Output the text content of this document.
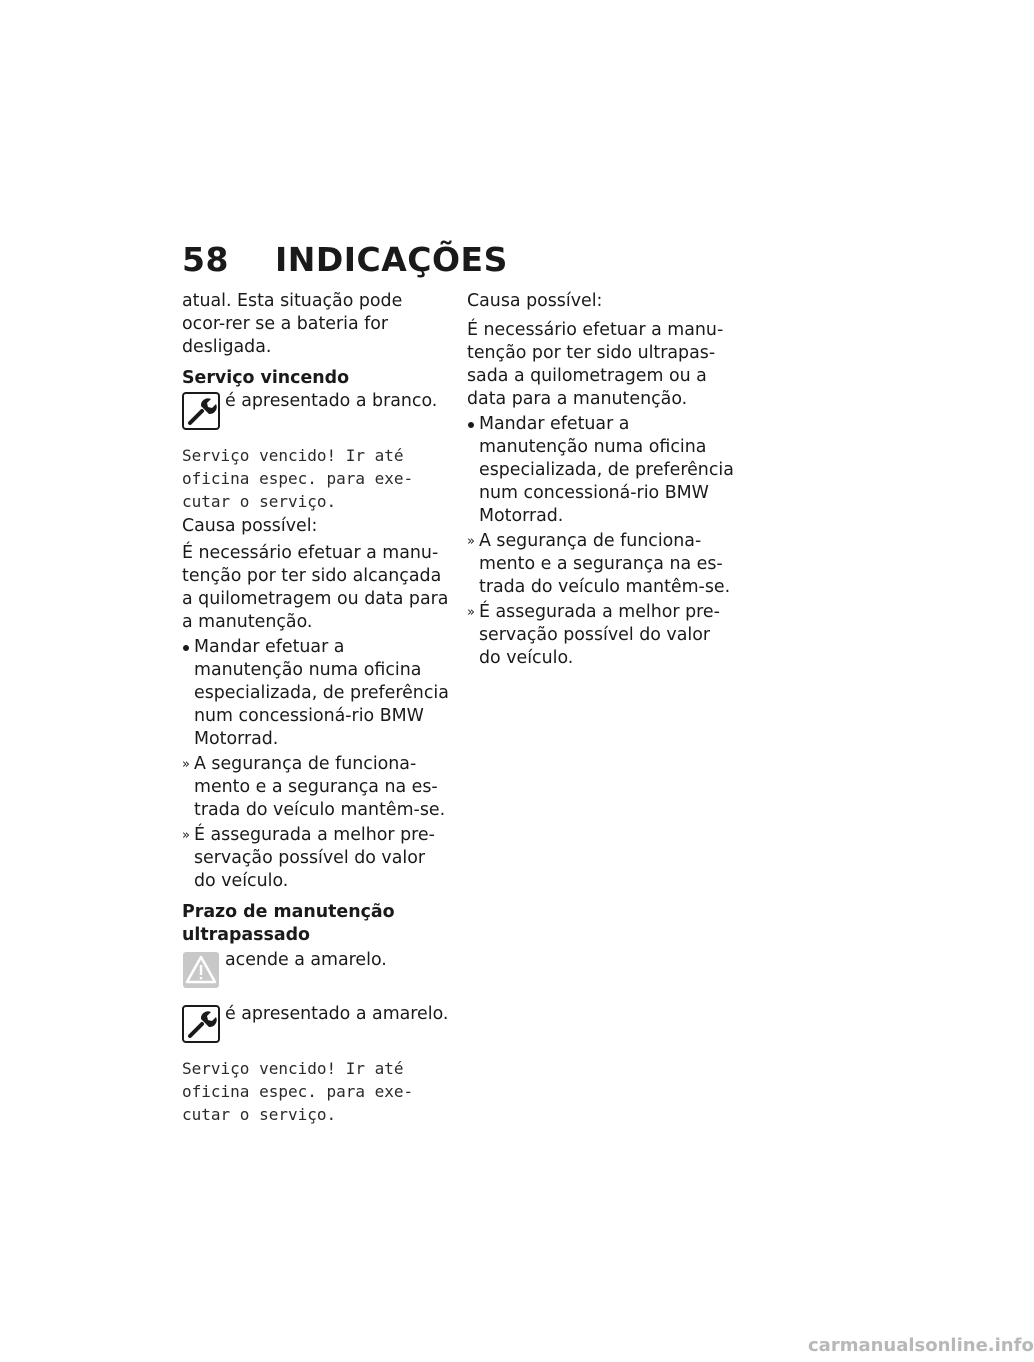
58 INDICAÇÕES

atual. Esta situação pode ocor-rer se a bateria for desligada.

Serviço vincendo

é apresentado a branco.

Serviço vencido! Ir até
oficina espec. para exe-
cutar o serviço.

Causa possível:

É necessário efetuar a manu-tenção por ter sido alcançada a quilometragem ou data para a manutenção.

Mandar efetuar a manutenção numa oficina especializada, de preferência num concessioná-rio BMW Motorrad.

» A segurança de funciona-mento e a segurança na es-trada do veículo mantêm-se.

» É assegurada a melhor pre-servação possível do valor do veículo.

Prazo de manutenção

ultrapassado

acende a amarelo.
é apresentado a amarelo.

Serviço vencido! Ir até
oficina espec. para exe-
cutar o serviço.

Causa possível:

É necessário efetuar a manu-tenção por ter sido ultrapas-sada a quilometragem ou a data para a manutenção.

Mandar efetuar a manutenção numa oficina especializada, de preferência num concessioná-rio BMW Motorrad.

» A segurança de funciona-mento e a segurança na es-trada do veículo mantêm-se.

» É assegurada a melhor pre-servação possível do valor do veículo.

carmanualsonline.info
